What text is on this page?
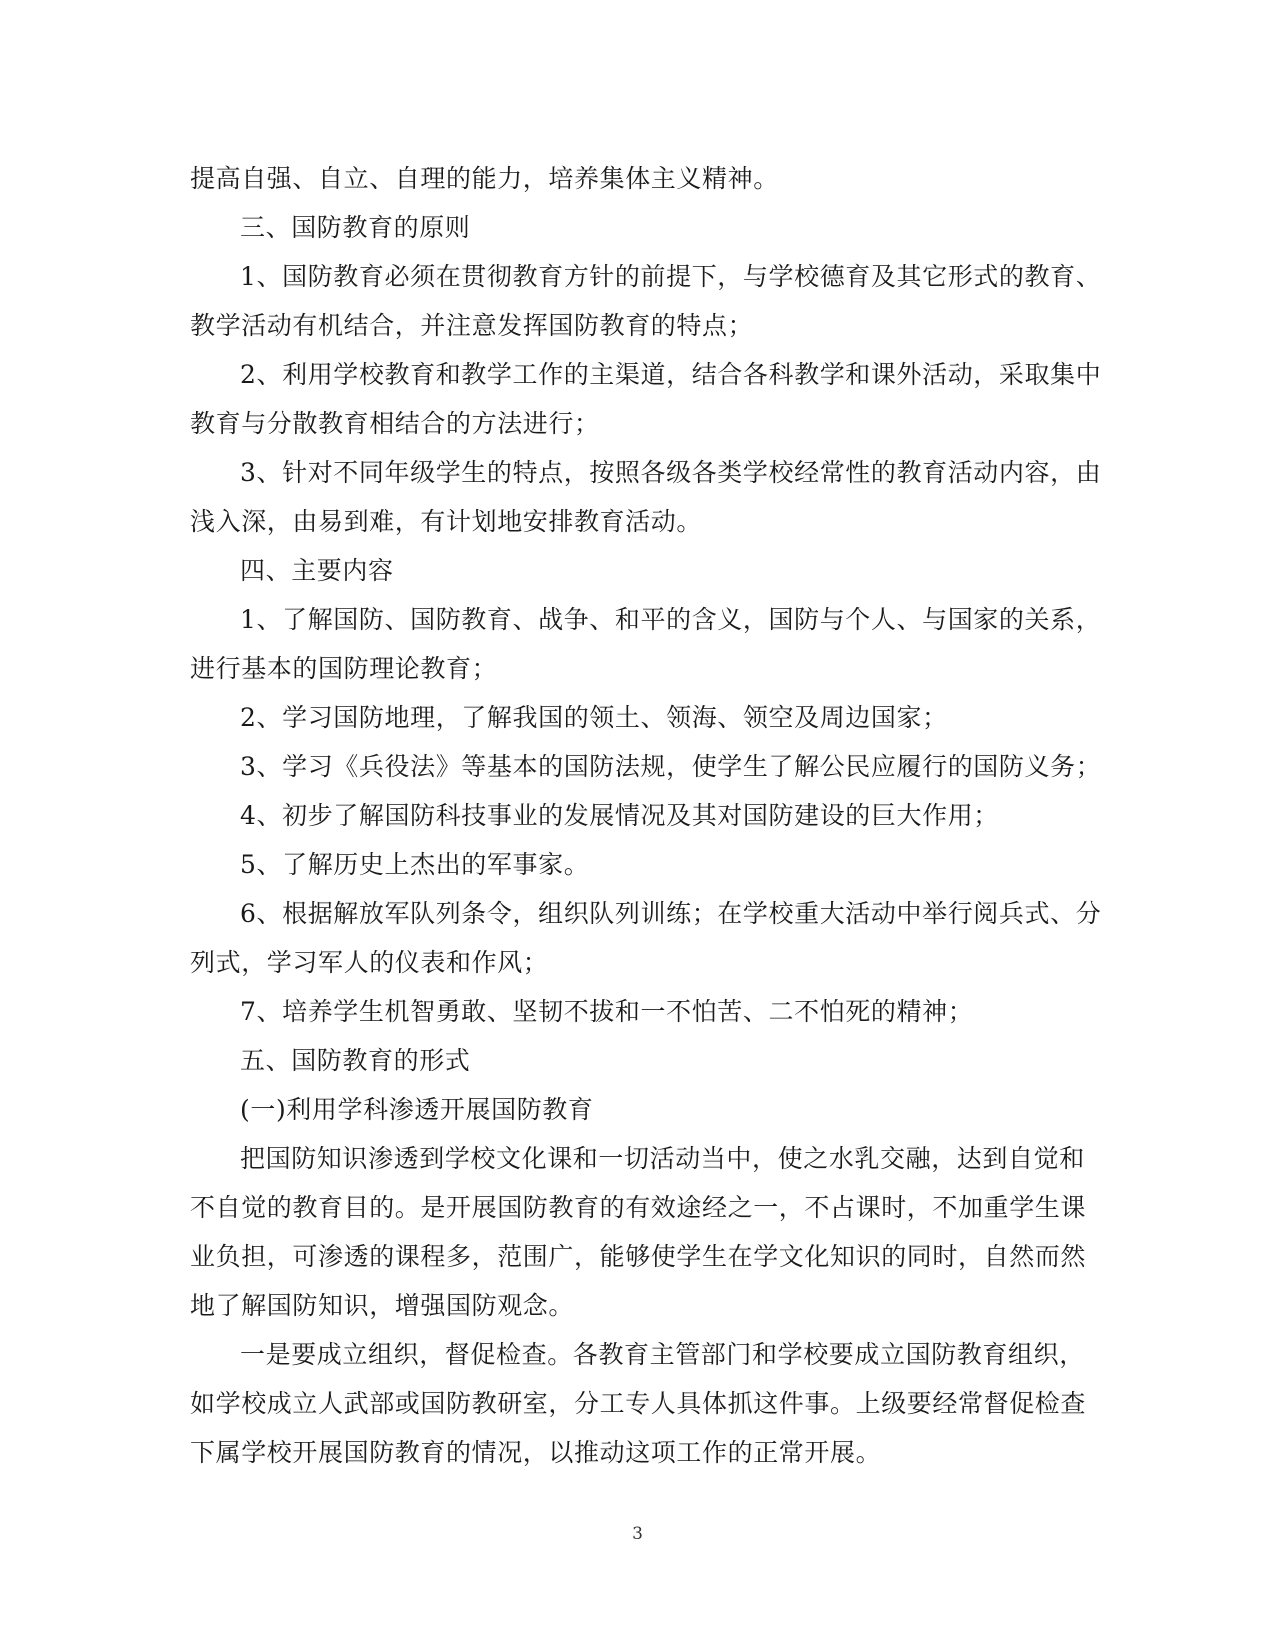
提高自强、自立、自理的能力，培养集体主义精神。

三、国防教育的原则

1、国防教育必须在贯彻教育方针的前提下，与学校德育及其它形式的教育、

教学活动有机结合，并注意发挥国防教育的特点；

2、利用学校教育和教学工作的主渠道，结合各科教学和课外活动，采取集中

教育与分散教育相结合的方法进行；

3、针对不同年级学生的特点，按照各级各类学校经常性的教育活动内容，由

浅入深，由易到难，有计划地安排教育活动。

四、主要内容

1、了解国防、国防教育、战争、和平的含义，国防与个人、与国家的关系，

进行基本的国防理论教育；

2、学习国防地理，了解我国的领土、领海、领空及周边国家；

3、学习《兵役法》等基本的国防法规，使学生了解公民应履行的国防义务；

4、初步了解国防科技事业的发展情况及其对国防建设的巨大作用；

5、了解历史上杰出的军事家。

6、根据解放军队列条令，组织队列训练；在学校重大活动中举行阅兵式、分

列式，学习军人的仪表和作风；

7、培养学生机智勇敢、坚韧不拔和一不怕苦、二不怕死的精神；

五、国防教育的形式

(一)利用学科渗透开展国防教育

把国防知识渗透到学校文化课和一切活动当中，使之水乳交融，达到自觉和

不自觉的教育目的。是开展国防教育的有效途经之一，不占课时，不加重学生课

业负担，可渗透的课程多，范围广，能够使学生在学文化知识的同时，自然而然

地了解国防知识，增强国防观念。

一是要成立组织，督促检查。各教育主管部门和学校要成立国防教育组织，

如学校成立人武部或国防教研室，分工专人具体抓这件事。上级要经常督促检查

下属学校开展国防教育的情况，以推动这项工作的正常开展。

3
